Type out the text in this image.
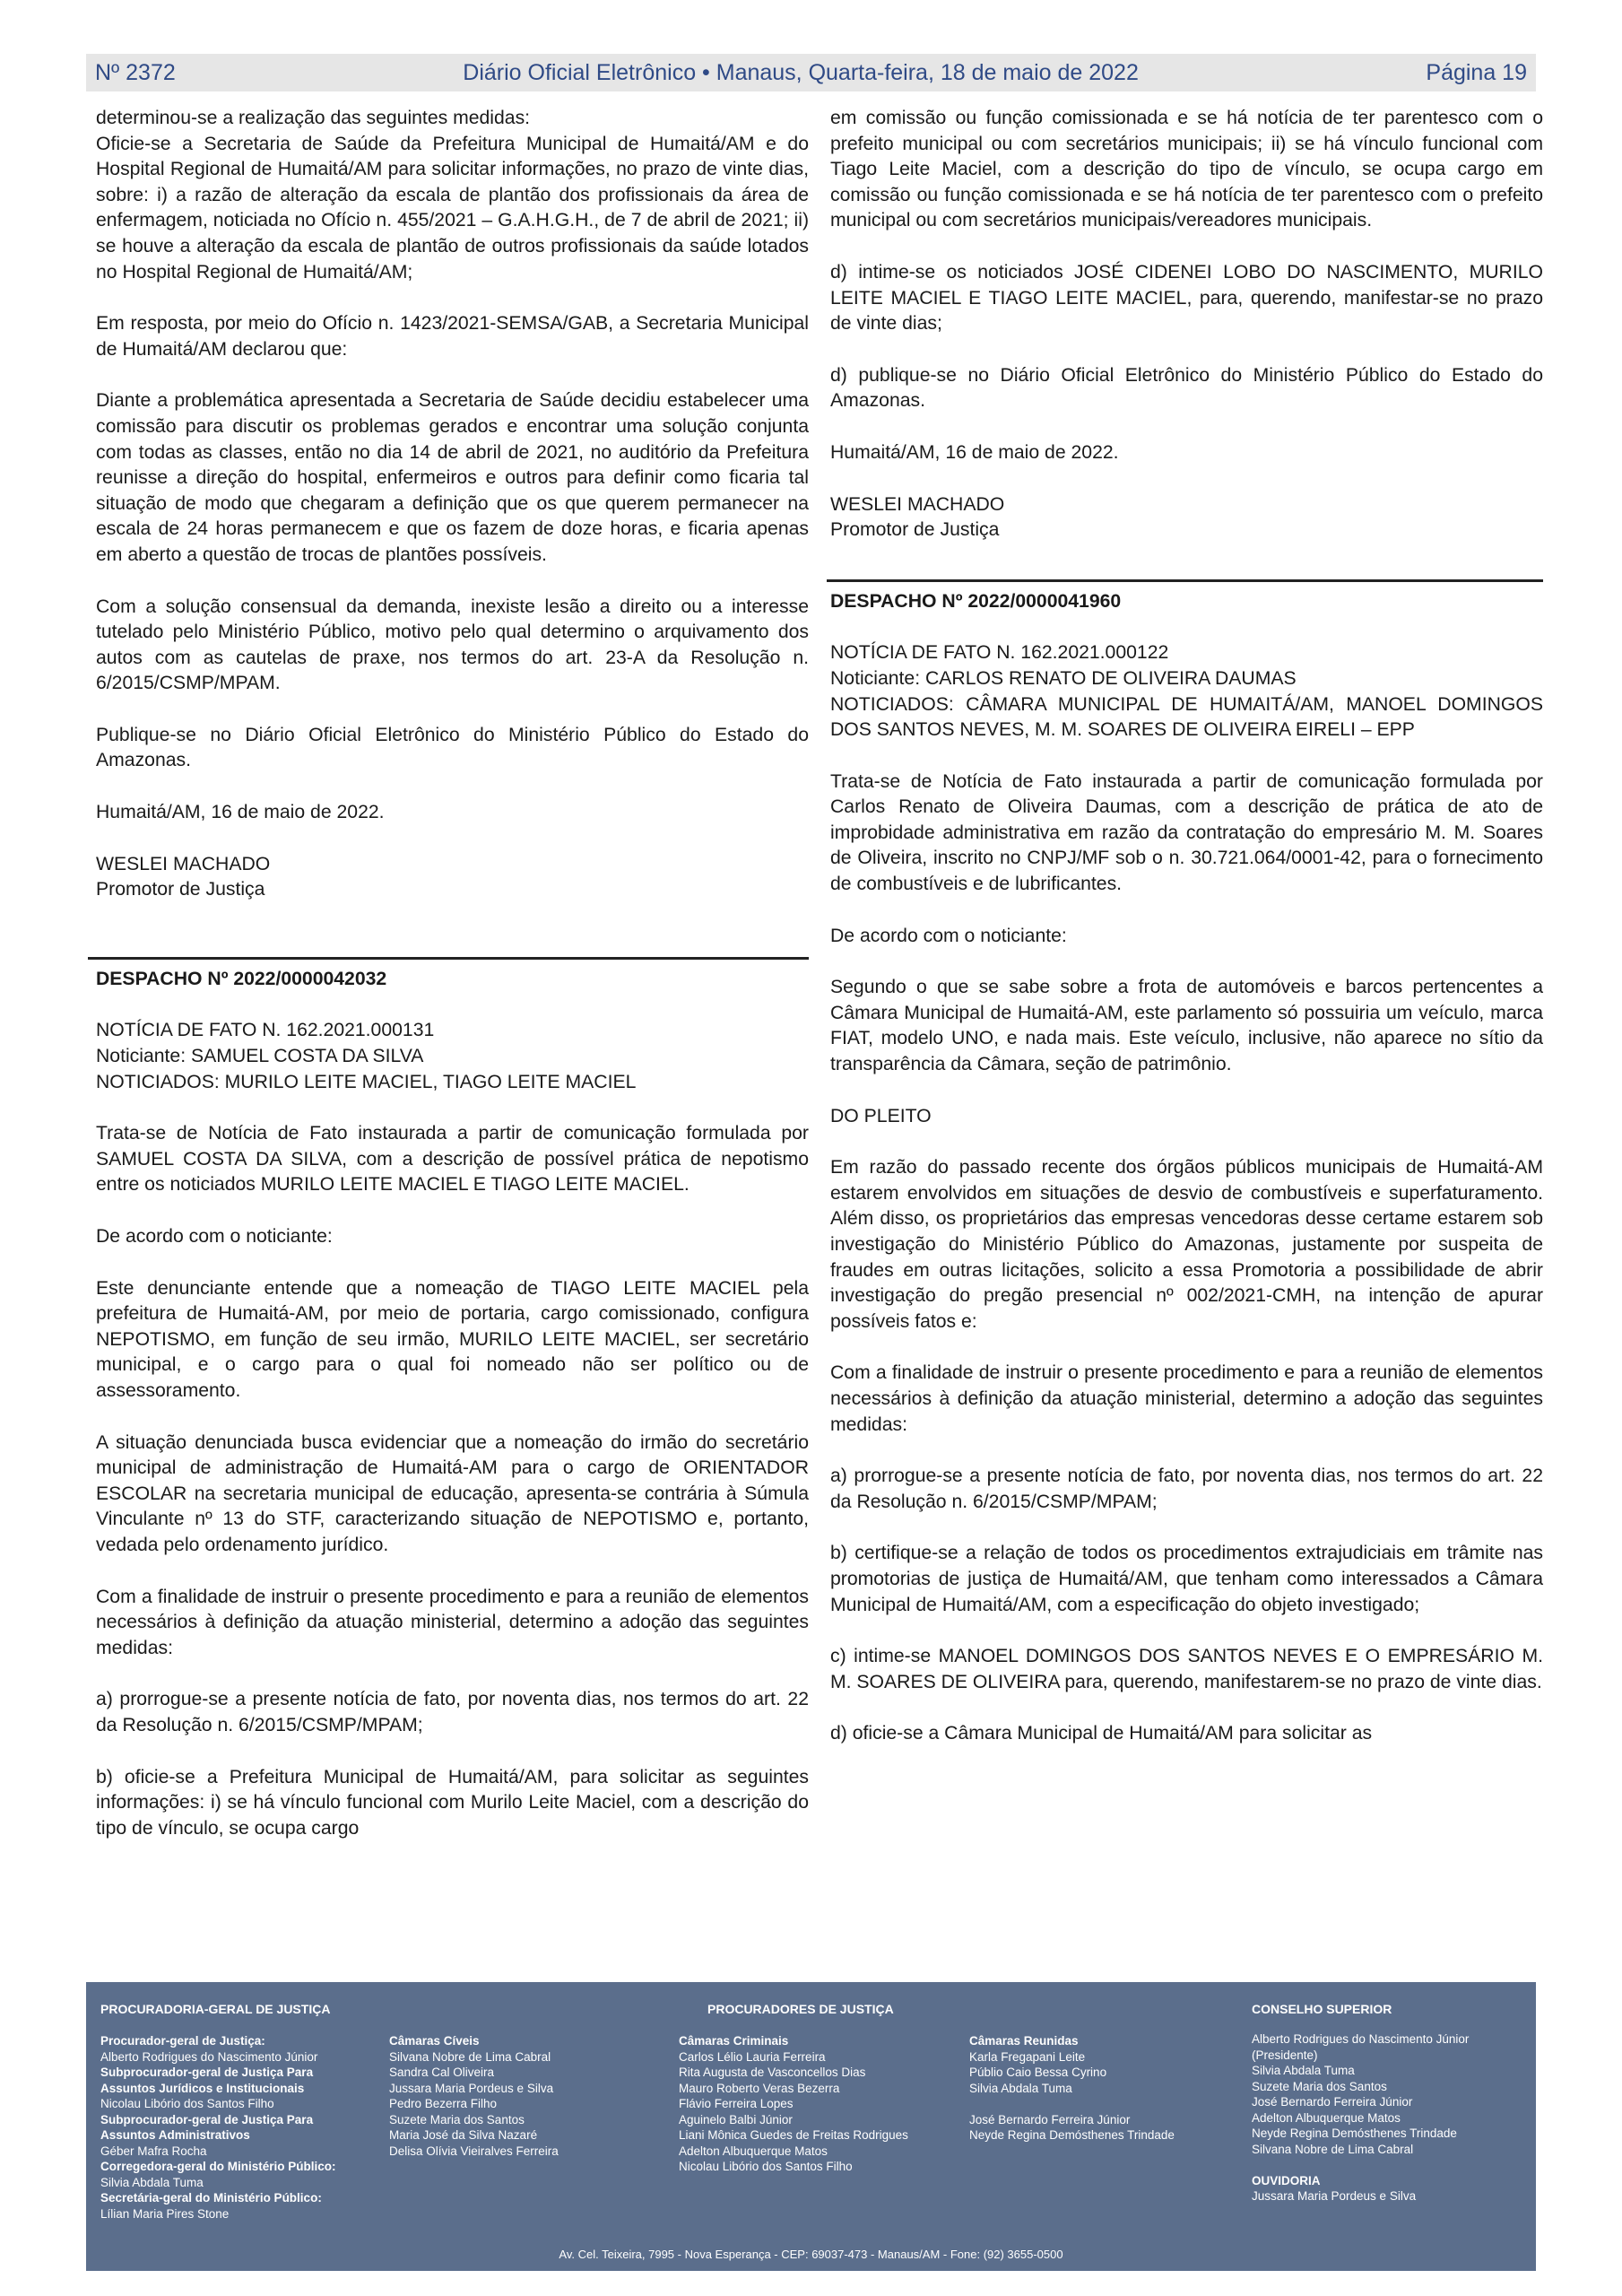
Nº 2372	Diário Oficial Eletrônico • Manaus, Quarta-feira, 18 de maio de 2022	Página 19

determinou-se a realização das seguintes medidas:

Oficie-se a Secretaria de Saúde da Prefeitura Municipal de Humaitá/AM e do Hospital Regional de Humaitá/AM para solicitar informações, no prazo de vinte dias, sobre: i) a razão de alteração da escala de plantão dos profissionais da área de enfermagem, noticiada no Ofício n. 455/2021 – G.A.H.G.H., de 7 de abril de 2021; ii) se houve a alteração da escala de plantão de outros profissionais da saúde lotados no Hospital Regional de Humaitá/AM;

Em resposta, por meio do Ofício n. 1423/2021-SEMSA/GAB, a Secretaria Municipal de Humaitá/AM declarou que:

Diante a problemática apresentada a Secretaria de Saúde decidiu estabelecer uma comissão para discutir os problemas gerados e encontrar uma solução conjunta com todas as classes, então no dia 14 de abril de 2021, no auditório da Prefeitura reunisse a direção do hospital, enfermeiros e outros para definir como ficaria tal situação de modo que chegaram a definição que os que querem permanecer na escala de 24 horas permanecem e que os fazem de doze horas, e ficaria apenas em aberto a questão de trocas de plantões possíveis.

Com a solução consensual da demanda, inexiste lesão a direito ou a interesse tutelado pelo Ministério Público, motivo pelo qual determino o arquivamento dos autos com as cautelas de praxe, nos termos do art. 23-A da Resolução n. 6/2015/CSMP/MPAM.

Publique-se no Diário Oficial Eletrônico do Ministério Público do Estado do Amazonas.

Humaitá/AM, 16 de maio de 2022.

WESLEI MACHADO

Promotor de Justiça

DESPACHO Nº 2022/0000042032

NOTÍCIA DE FATO N. 162.2021.000131

Noticiante: SAMUEL COSTA DA SILVA

NOTICIADOS: MURILO LEITE MACIEL, TIAGO LEITE MACIEL

Trata-se de Notícia de Fato instaurada a partir de comunicação formulada por SAMUEL COSTA DA SILVA, com a descrição de possível prática de nepotismo entre os noticiados MURILO LEITE MACIEL E TIAGO LEITE MACIEL.

De acordo com o noticiante:

Este denunciante entende que a nomeação de TIAGO LEITE MACIEL pela prefeitura de Humaitá-AM, por meio de portaria, cargo comissionado, configura NEPOTISMO, em função de seu irmão, MURILO LEITE MACIEL, ser secretário municipal, e o cargo para o qual foi nomeado não ser político ou de assessoramento.

A situação denunciada busca evidenciar que a nomeação do irmão do secretário municipal de administração de Humaitá-AM para o cargo de ORIENTADOR ESCOLAR na secretaria municipal de educação, apresenta-se contrária à Súmula Vinculante nº 13 do STF, caracterizando situação de NEPOTISMO e, portanto, vedada pelo ordenamento jurídico.

Com a finalidade de instruir o presente procedimento e para a reunião de elementos necessários à definição da atuação ministerial, determino a adoção das seguintes medidas:

a) prorrogue-se a presente notícia de fato, por noventa dias, nos termos do art. 22 da Resolução n. 6/2015/CSMP/MPAM;

b) oficie-se a Prefeitura Municipal de Humaitá/AM, para solicitar as seguintes informações: i) se há vínculo funcional com Murilo Leite Maciel, com a descrição do tipo de vínculo, se ocupa cargo

em comissão ou função comissionada e se há notícia de ter parentesco com o prefeito municipal ou com secretários municipais; ii) se há vínculo funcional com Tiago Leite Maciel, com a descrição do tipo de vínculo, se ocupa cargo em comissão ou função comissionada e se há notícia de ter parentesco com o prefeito municipal ou com secretários municipais/vereadores municipais.

d) intime-se os noticiados JOSÉ CIDENEI LOBO DO NASCIMENTO, MURILO LEITE MACIEL E TIAGO LEITE MACIEL, para, querendo, manifestar-se no prazo de vinte dias;

d) publique-se no Diário Oficial Eletrônico do Ministério Público do Estado do Amazonas.

Humaitá/AM, 16 de maio de 2022.

WESLEI MACHADO

Promotor de Justiça

DESPACHO Nº 2022/0000041960

NOTÍCIA DE FATO N. 162.2021.000122

Noticiante: CARLOS RENATO DE OLIVEIRA DAUMAS

NOTICIADOS: CÂMARA MUNICIPAL DE HUMAITÁ/AM, MANOEL DOMINGOS DOS SANTOS NEVES, M. M. SOARES DE OLIVEIRA EIRELI – EPP

Trata-se de Notícia de Fato instaurada a partir de comunicação formulada por Carlos Renato de Oliveira Daumas, com a descrição de prática de ato de improbidade administrativa em razão da contratação do empresário M. M. Soares de Oliveira, inscrito no CNPJ/MF sob o n. 30.721.064/0001-42, para o fornecimento de combustíveis e de lubrificantes.

De acordo com o noticiante:

Segundo o que se sabe sobre a frota de automóveis e barcos pertencentes a Câmara Municipal de Humaitá-AM, este parlamento só possuiria um veículo, marca FIAT, modelo UNO, e nada mais. Este veículo, inclusive, não aparece no sítio da transparência da Câmara, seção de patrimônio.

DO PLEITO

Em razão do passado recente dos órgãos públicos municipais de Humaitá-AM estarem envolvidos em situações de desvio de combustíveis e superfaturamento. Além disso, os proprietários das empresas vencedoras desse certame estarem sob investigação do Ministério Público do Amazonas, justamente por suspeita de fraudes em outras licitações, solicito a essa Promotoria a possibilidade de abrir investigação do pregão presencial nº 002/2021-CMH, na intenção de apurar possíveis fatos e:

Com a finalidade de instruir o presente procedimento e para a reunião de elementos necessários à definição da atuação ministerial, determino a adoção das seguintes medidas:

a) prorrogue-se a presente notícia de fato, por noventa dias, nos termos do art. 22 da Resolução n. 6/2015/CSMP/MPAM;

b) certifique-se a relação de todos os procedimentos extrajudiciais em trâmite nas promotorias de justiça de Humaitá/AM, que tenham como interessados a Câmara Municipal de Humaitá/AM, com a especificação do objeto investigado;

c) intime-se MANOEL DOMINGOS DOS SANTOS NEVES E O EMPRESÁRIO M. M. SOARES DE OLIVEIRA para, querendo, manifestarem-se no prazo de vinte dias.

d) oficie-se a Câmara Municipal de Humaitá/AM para solicitar as

PROCURADORIA-GERAL DE JUSTIÇA	PROCURADORES DE JUSTIÇA	CONSELHO SUPERIOR
Procurador-geral de Justiça:
Alberto Rodrigues do Nascimento Júnior
Subprocurador-geral de Justiça Para Assuntos Jurídicos e Institucionais
Nicolau Libório dos Santos Filho
Subprocurador-geral de Justiça Para Assuntos Administrativos
Géber Mafra Rocha
Corregedora-geral do Ministério Público:
Silvia Abdala Tuma
Secretária-geral do Ministério Público:
Lílian Maria Pires Stone
Câmaras Cíveis
Silvana Nobre de Lima Cabral
Sandra Cal Oliveira
Jussara Maria Pordeus e Silva
Pedro Bezerra Filho
Suzete Maria dos Santos
Maria José da Silva Nazaré
Delisa Olívia Vieiralves Ferreira
Câmaras Criminais
Carlos Lélio Lauria Ferreira
Rita Augusta de Vasconcellos Dias
Mauro Roberto Veras Bezerra
Flávio Ferreira Lopes
Aguinelo Balbi Júnior
Liani Mônica Guedes de Freitas Rodrigues
Adelton Albuquerque Matos
Nicolau Libório dos Santos Filho
Câmaras Reunidas
Karla Fregapani Leite
Públio Caio Bessa Cyrino
Silvia Abdala Tuma
José Bernardo Ferreira Júnior
Neyde Regina Demósthenes Trindade
Alberto Rodrigues do Nascimento Júnior
(Presidente)
Silvia Abdala Tuma
Suzete Maria dos Santos
José Bernardo Ferreira Júnior
Adelton Albuquerque Matos
Neyde Regina Demósthenes Trindade
Silvana Nobre de Lima Cabral
OUVIDORIA
Jussara Maria Pordeus e Silva
Av. Cel. Teixeira, 7995 - Nova Esperança - CEP: 69037-473 - Manaus/AM - Fone: (92) 3655-0500
